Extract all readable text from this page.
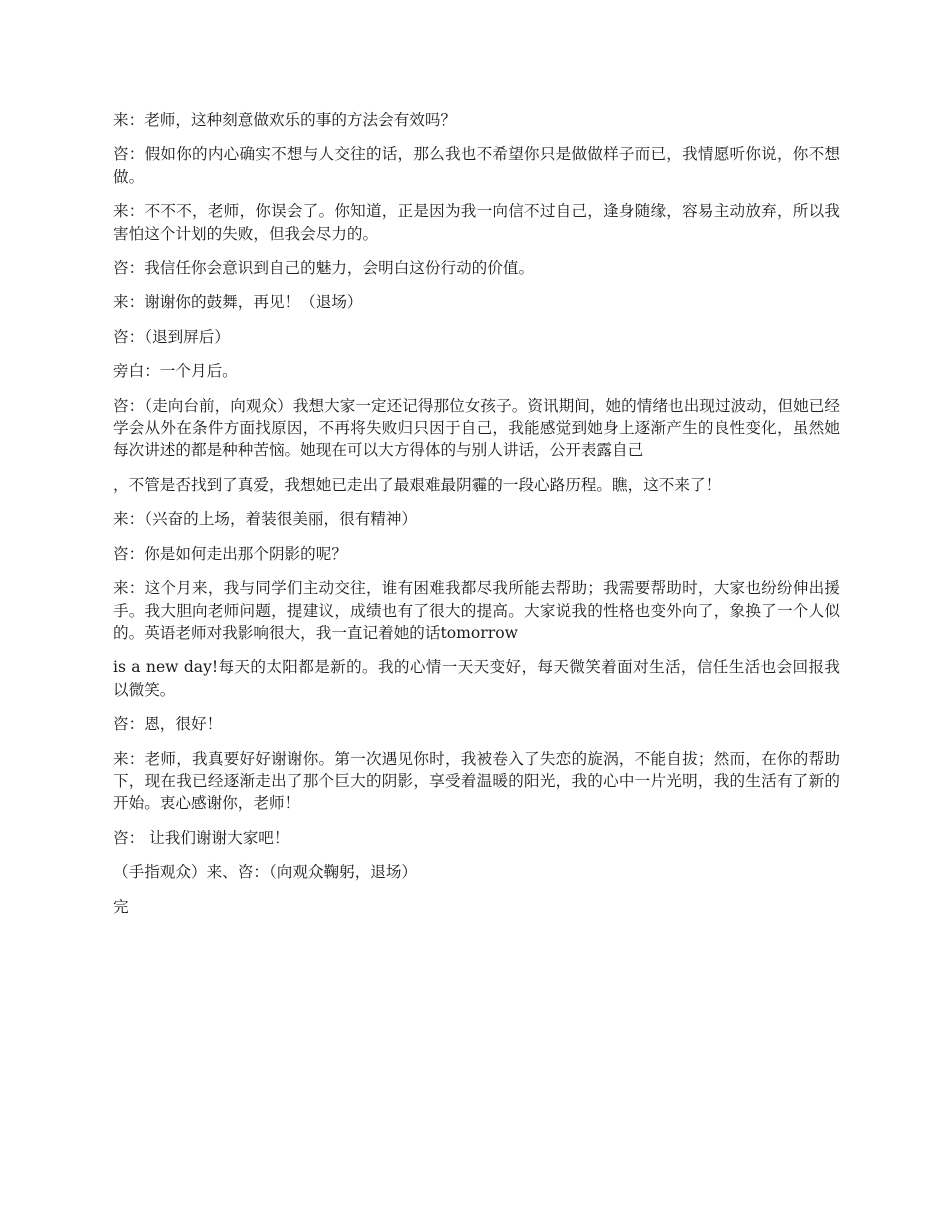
来：老师，这种刻意做欢乐的事的方法会有效吗？

咨：假如你的内心确实不想与人交往的话，那么我也不希望你只是做做样子而已，我情愿听你说，你不想做。

来：不不不，老师，你误会了。你知道，正是因为我一向信不过自己，逢身随缘，容易主动放弃，所以我害怕这个计划的失败，但我会尽力的。

咨：我信任你会意识到自己的魅力，会明白这份行动的价值。

来：谢谢你的鼓舞，再见！（退场）

咨：（退到屏后）

旁白：一个月后。

咨：（走向台前，向观众）我想大家一定还记得那位女孩子。资讯期间，她的情绪也出现过波动，但她已经学会从外在条件方面找原因，不再将失败归只因于自己，我能感觉到她身上逐渐产生的良性变化，虽然她每次讲述的都是种种苦恼。她现在可以大方得体的与别人讲话，公开表露自己

，不管是否找到了真爱，我想她已走出了最艰难最阴霾的一段心路历程。瞧，这不来了！

来：（兴奋的上场，着装很美丽，很有精神）

咨：你是如何走出那个阴影的呢？

来：这个月来，我与同学们主动交往，谁有困难我都尽我所能去帮助；我需要帮助时，大家也纷纷伸出援手。我大胆向老师问题，提建议，成绩也有了很大的提高。大家说我的性格也变外向了，象换了一个人似的。英语老师对我影响很大，我一直记着她的话tomorrow

is a new day!每天的太阳都是新的。我的心情一天天变好，每天微笑着面对生活，信任生活也会回报我以微笑。

咨：恩，很好！

来：老师，我真要好好谢谢你。第一次遇见你时，我被卷入了失恋的旋涡，不能自拔；然而，在你的帮助下，现在我已经逐渐走出了那个巨大的阴影，享受着温暖的阳光，我的心中一片光明，我的生活有了新的开始。衷心感谢你，老师！

咨： 让我们谢谢大家吧！

（手指观众）来、咨：（向观众鞠躬，退场）

完
